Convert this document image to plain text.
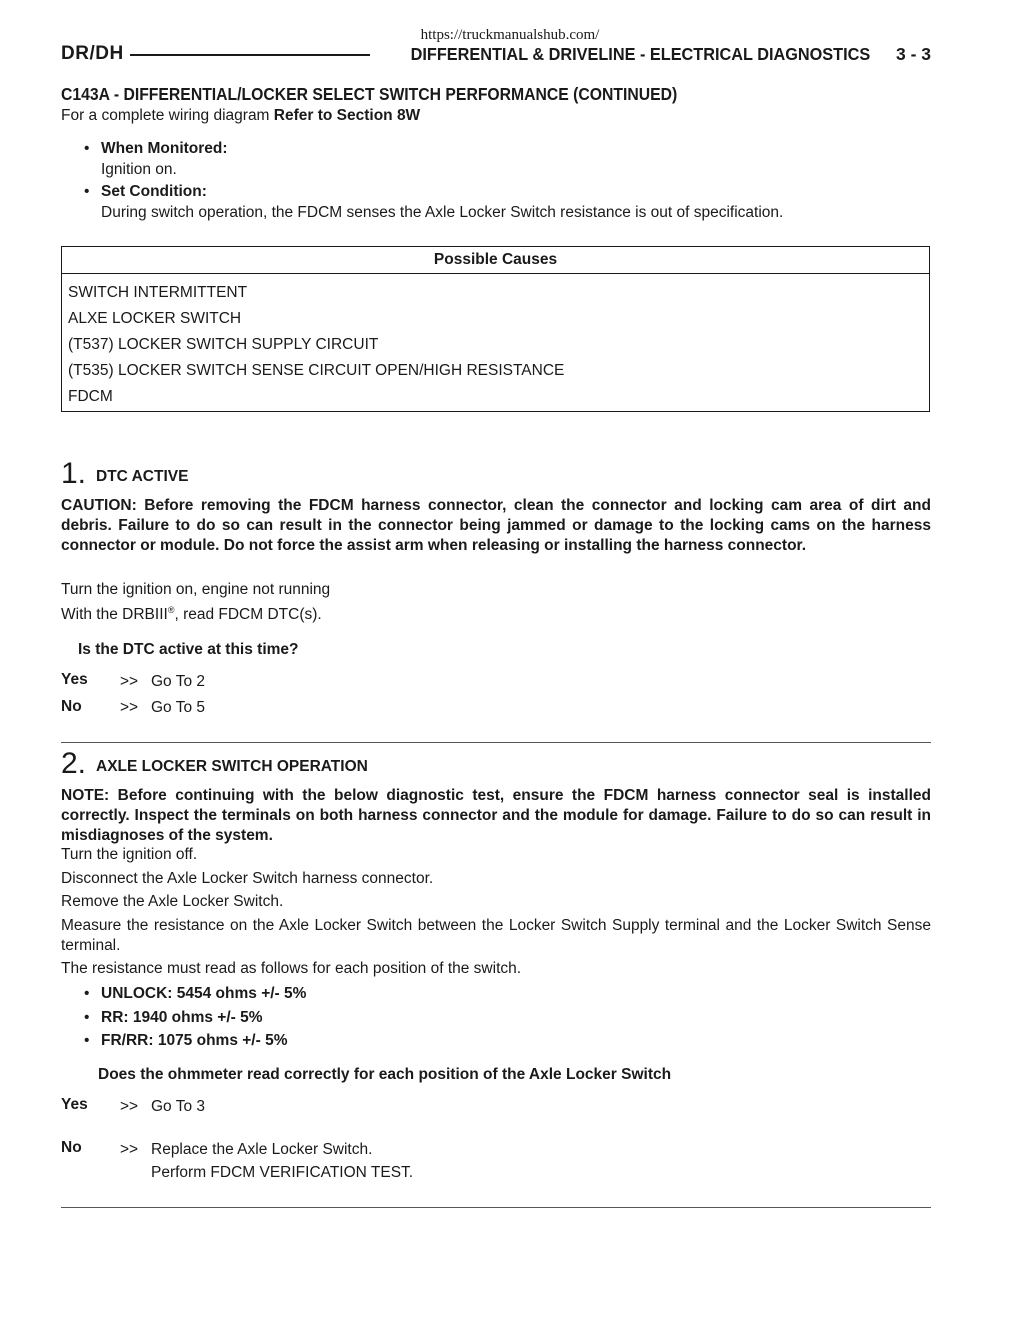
https://truckmanualshub.com/
DR/DH	DIFFERENTIAL & DRIVELINE - ELECTRICAL DIAGNOSTICS 3 - 3
C143A - DIFFERENTIAL/LOCKER SELECT SWITCH PERFORMANCE (CONTINUED)
For a complete wiring diagram Refer to Section 8W
• When Monitored:
Ignition on.
• Set Condition:
During switch operation, the FDCM senses the Axle Locker Switch resistance is out of specification.
Possible Causes
SWITCH INTERMITTENT
ALXE LOCKER SWITCH
(T537) LOCKER SWITCH SUPPLY CIRCUIT
(T535) LOCKER SWITCH SENSE CIRCUIT OPEN/HIGH RESISTANCE
FDCM
1. DTC ACTIVE
CAUTION: Before removing the FDCM harness connector, clean the connector and locking cam area of dirt and debris. Failure to do so can result in the connector being jammed or damage to the locking cams on the harness connector or module. Do not force the assist arm when releasing or installing the harness connector.
Turn the ignition on, engine not running
With the DRBIII®, read FDCM DTC(s).
Is the DTC active at this time?
Yes >> Go To 2
No >> Go To 5
2. AXLE LOCKER SWITCH OPERATION
NOTE: Before continuing with the below diagnostic test, ensure the FDCM harness connector seal is installed correctly. Inspect the terminals on both harness connector and the module for damage. Failure to do so can result in misdiagnoses of the system.
Turn the ignition off.
Disconnect the Axle Locker Switch harness connector.
Remove the Axle Locker Switch.
Measure the resistance on the Axle Locker Switch between the Locker Switch Supply terminal and the Locker Switch Sense terminal.
The resistance must read as follows for each position of the switch.
• UNLOCK: 5454 ohms +/- 5%
• RR: 1940 ohms +/- 5%
• FR/RR: 1075 ohms +/- 5%
Does the ohmmeter read correctly for each position of the Axle Locker Switch
Yes >> Go To 3
No >> Replace the Axle Locker Switch.
Perform FDCM VERIFICATION TEST.
